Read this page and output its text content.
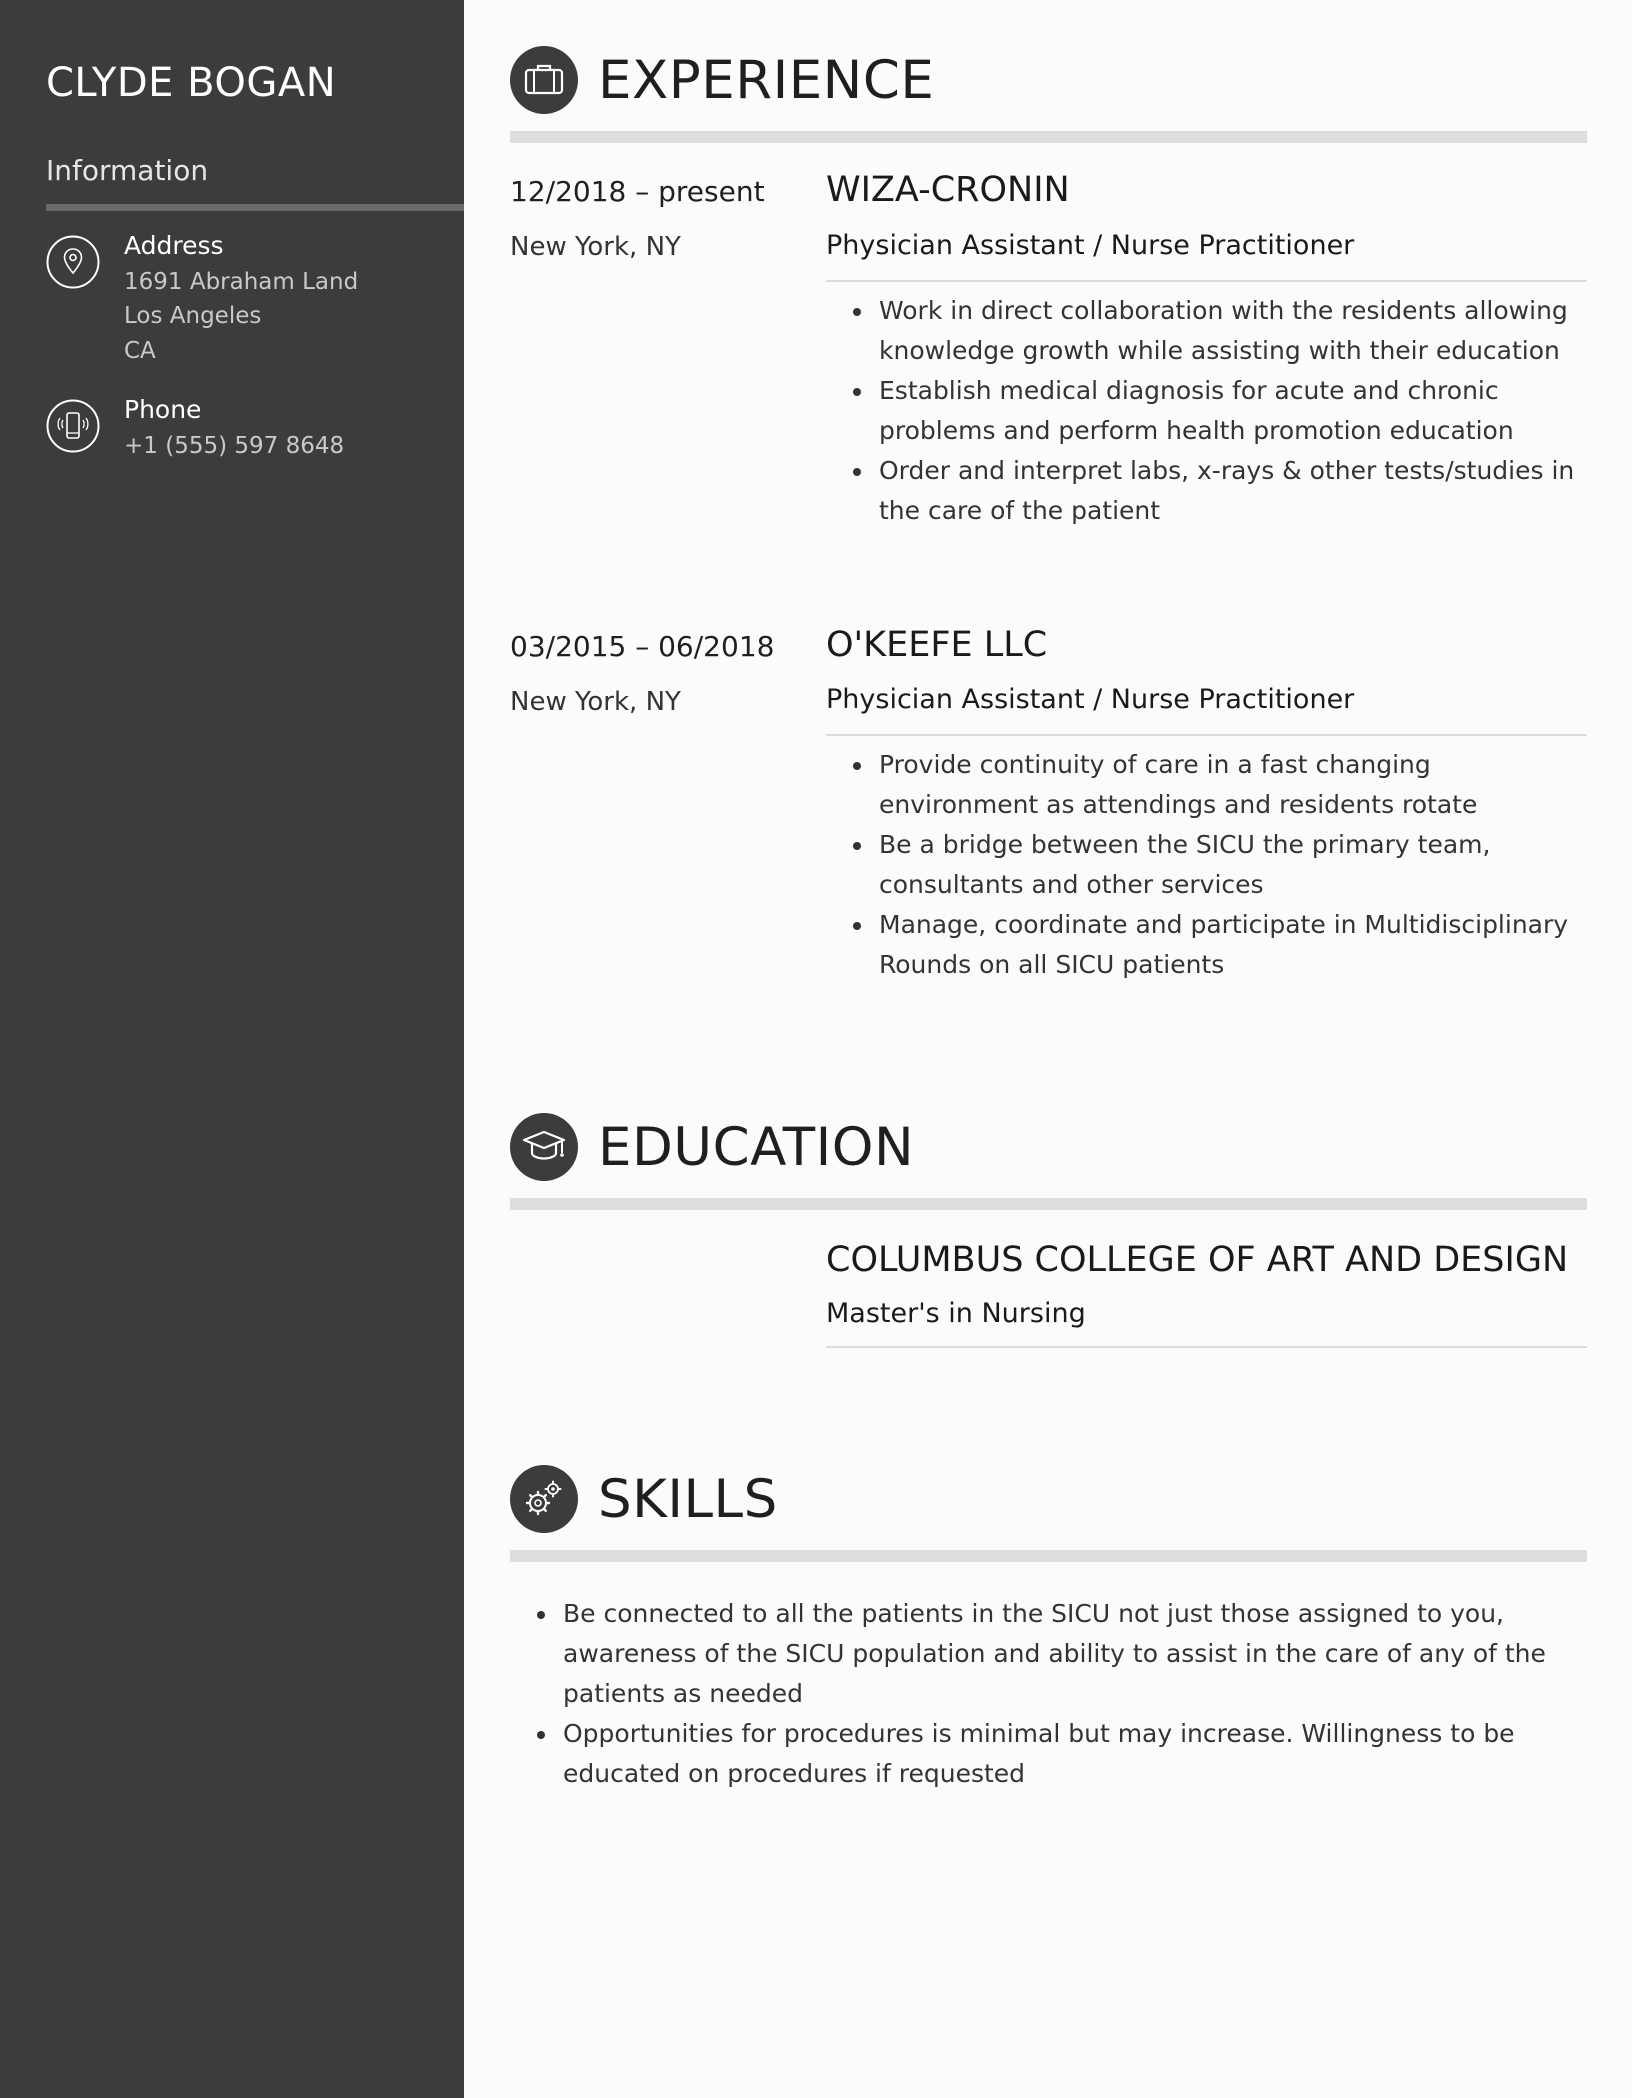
CLYDE BOGAN
Information
Address
1691 Abraham Land
Los Angeles
CA
Phone
+1 (555) 597 8648
EXPERIENCE
12/2018 – present
New York, NY
WIZA-CRONIN
Physician Assistant / Nurse Practitioner
• Work in direct collaboration with the residents allowing knowledge growth while assisting with their education
• Establish medical diagnosis for acute and chronic problems and perform health promotion education
• Order and interpret labs, x-rays & other tests/studies in the care of the patient
03/2015 – 06/2018
New York, NY
O'KEEFE LLC
Physician Assistant / Nurse Practitioner
• Provide continuity of care in a fast changing environment as attendings and residents rotate
• Be a bridge between the SICU the primary team, consultants and other services
• Manage, coordinate and participate in Multidisciplinary Rounds on all SICU patients
EDUCATION
COLUMBUS COLLEGE OF ART AND DESIGN
Master's in Nursing
SKILLS
• Be connected to all the patients in the SICU not just those assigned to you, awareness of the SICU population and ability to assist in the care of any of the patients as needed
• Opportunities for procedures is minimal but may increase. Willingness to be educated on procedures if requested
